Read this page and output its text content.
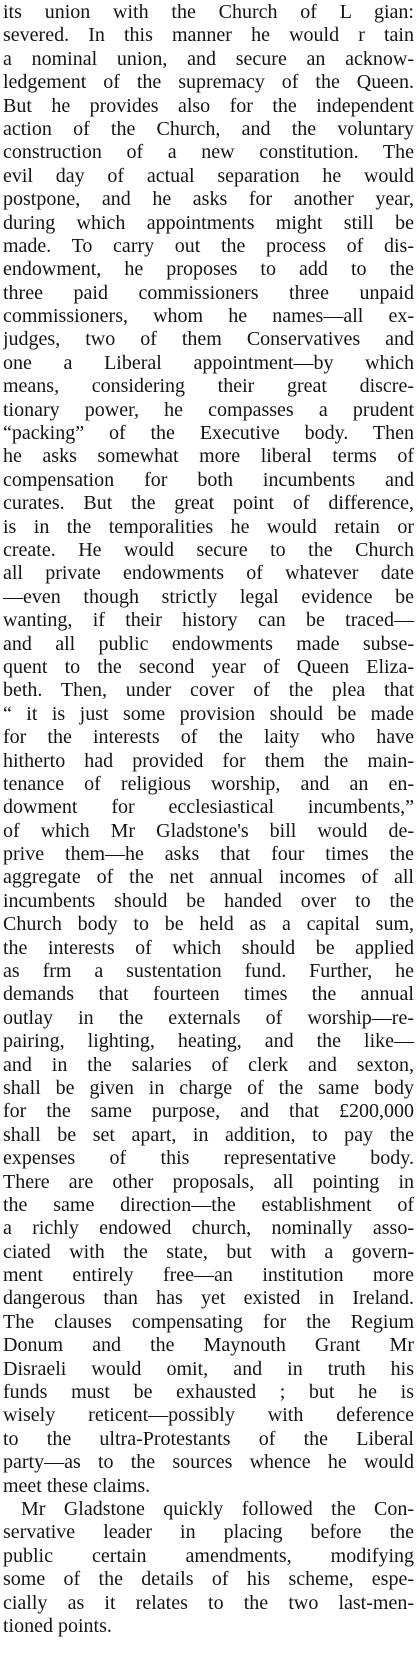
its union with the Church of L gian:
severed. In this manner he would r tain
a nominal union, and secure an acknow-
ledgement of the supremacy of the Queen.
But he provides also for the independent
action of the Church, and the voluntary
construction of a new constitution. The
evil day of actual separation he would
postpone, and he asks for another year,
during which appointments might still be
made. To carry out the process of dis-
endowment, he proposes to add to the
three paid commissioners three unpaid
commissioners, whom he names—all ex-
judges, two of them Conservatives and
one a Liberal appointment—by which
means, considering their great discre-
tionary power, he compasses a prudent
“packing” of the Executive body. Then
he asks somewhat more liberal terms of
compensation for both incumbents and
curates. But the great point of difference,
is in the temporalities he would retain or
create. He would secure to the Church
all private endowments of whatever date
—even though strictly legal evidence be
wanting, if their history can be traced—
and all public endowments made subse-
quent to the second year of Queen Eliza-
beth. Then, under cover of the plea that
“ it is just some provision should be made
for the interests of the laity who have
hitherto had provided for them the main-
tenance of religious worship, and an en-
dowment for ecclesiastical incumbents,”
of which Mr Gladstone's bill would de-
prive them—he asks that four times the
aggregate of the net annual incomes of all
incumbents should be handed over to the
Church body to be held as a capital sum,
the interests of which should be applied
as frm a sustentation fund. Further, he
demands that fourteen times the annual
outlay in the externals of worship—re-
pairing, lighting, heating, and the like—
and in the salaries of clerk and sexton,
shall be given in charge of the same body
for the same purpose, and that £200,000
shall be set apart, in addition, to pay the
expenses of this representative body.
There are other proposals, all pointing in
the same direction—the establishment of
a richly endowed church, nominally asso-
ciated with the state, but with a govern-
ment entirely free—an institution more
dangerous than has yet existed in Ireland.
The clauses compensating for the Regium
Donum and the Maynouth Grant Mr
Disraeli would omit, and in truth his
funds must be exhausted ; but he is
wisely reticent—possibly with deference
to the ultra-Protestants of the Liberal
party—as to the sources whence he would
meet these claims.
Mr Gladstone quickly followed the Con-
servative leader in placing before the
public certain amendments, modifying
some of the details of his scheme, espe-
cially as it relates to the two last-men-
tioned points.
